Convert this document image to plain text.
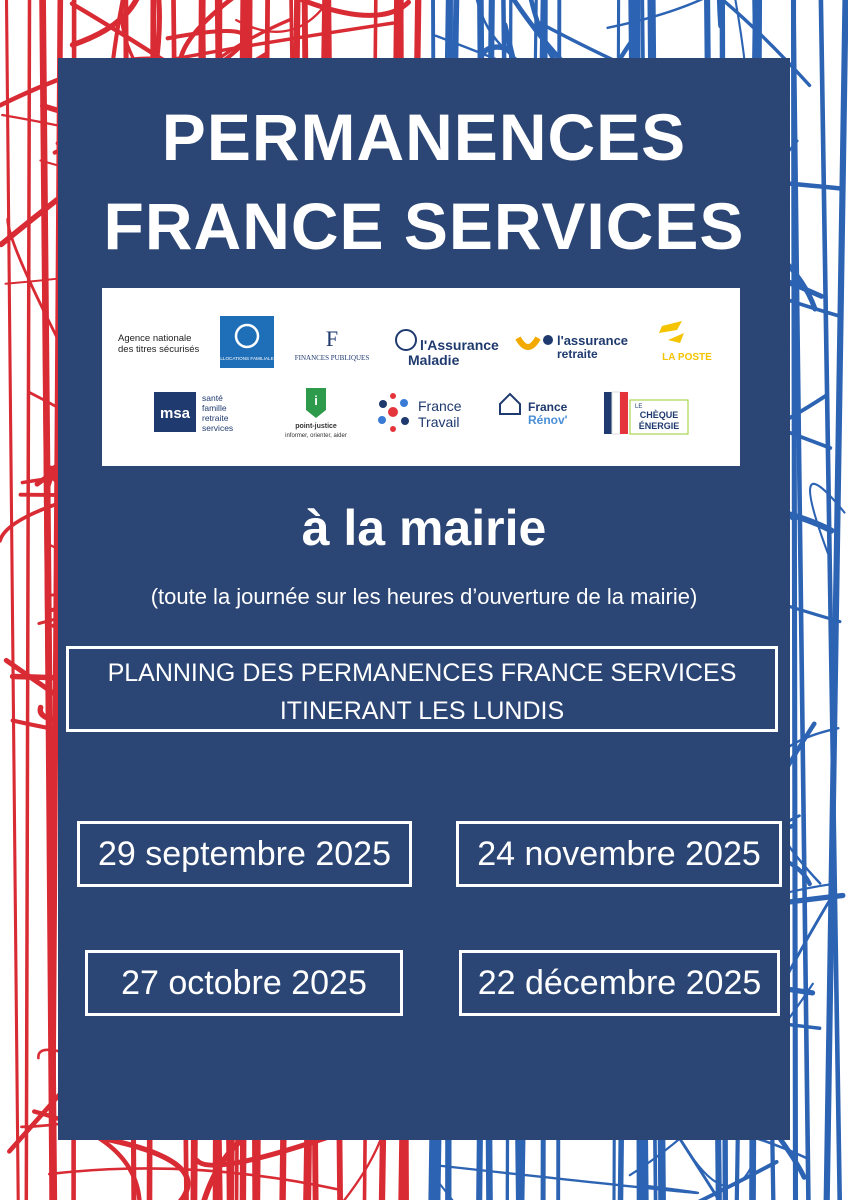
PERMANENCES
FRANCE SERVICES
Agence nationale
des titres sécurisés
ALLOCATIONS FAMILIALES
F
FINANCES PUBLIQUES
l'Assurance
Maladie
l'assurance
retraite	LA POSTE
msa
santé
famille
retraite
services
i
point-justice
informer, orienter, aider
France
Travail
France
Rénov'
LE
CHÈQUE
ÉNERGIE
à la mairie
(toute la journée sur les heures d’ouverture de la mairie)
PLANNING DES PERMANENCES FRANCE SERVICES
ITINERANT LES LUNDIS
29 septembre 2025	24 novembre 2025
27 octobre 2025	22 décembre 2025
